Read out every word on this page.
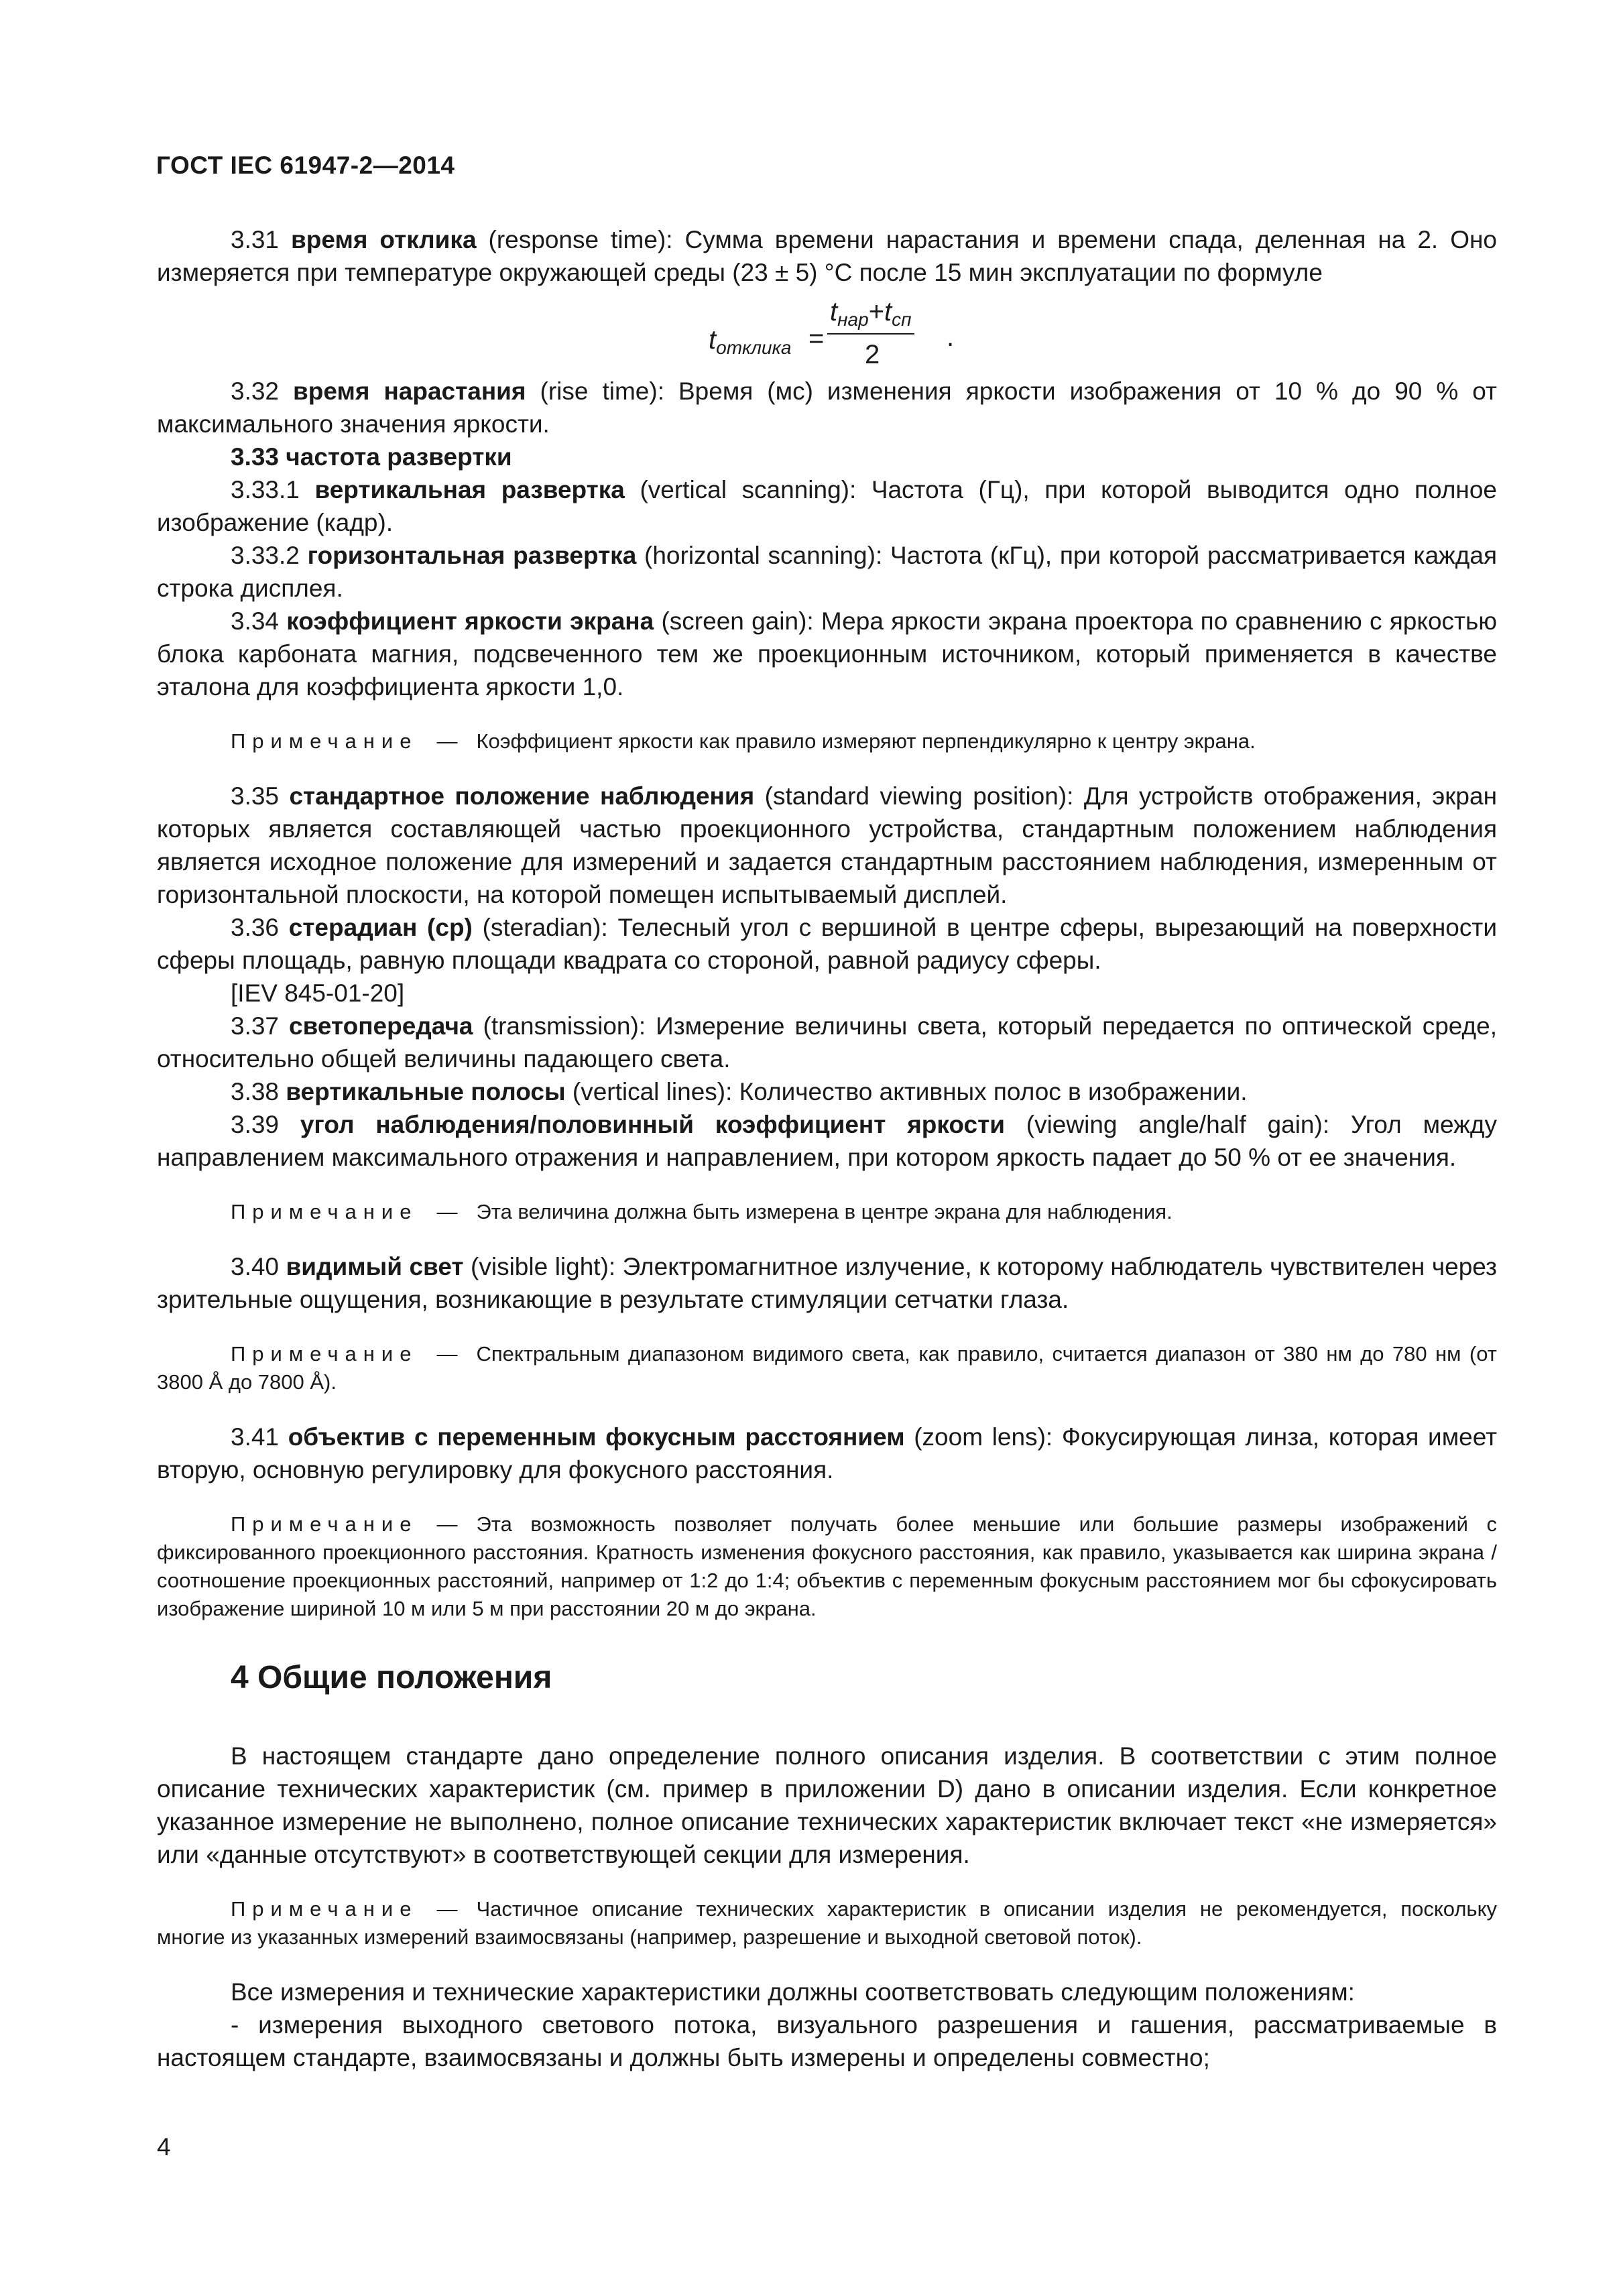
ГОСТ IEC 61947-2—2014

3.31 время отклика (response time): Сумма времени нарастания и времени спада, деленная на 2. Оно измеряется при температуре окружающей среды (23 ± 5) °С после 15 мин эксплуатации по формуле

$t_{отклика}$ =
$t_{нар}+t_{сп}$
2
.

3.32 время нарастания (rise time): Время (мс) изменения яркости изображения от 10 % до 90 % от максимального значения яркости.

3.33 частота развертки

3.33.1 вертикальная развертка (vertical scanning): Частота (Гц), при которой выводится одно полное изображение (кадр).

3.33.2 горизонтальная развертка (horizontal scanning): Частота (кГц), при которой рассматривается каждая строка дисплея.

3.34 коэффициент яркости экрана (screen gain): Мера яркости экрана проектора по сравнению с яркостью блока карбоната магния, подсвеченного тем же проекционным источником, который применяется в качестве эталона для коэффициента яркости 1,0.

Примечание — Коэффициент яркости как правило измеряют перпендикулярно к центру экрана.

3.35 стандартное положение наблюдения (standard viewing position): Для устройств отображения, экран которых является составляющей частью проекционного устройства, стандартным положением наблюдения является исходное положение для измерений и задается стандартным расстоянием наблюдения, измеренным от горизонтальной плоскости, на которой помещен испытываемый дисплей.

3.36 стерадиан (ср) (steradian): Телесный угол с вершиной в центре сферы, вырезающий на поверхности сферы площадь, равную площади квадрата со стороной, равной радиусу сферы.

[IEV 845-01-20]

3.37 светопередача (transmission): Измерение величины света, который передается по оптической среде, относительно общей величины падающего света.

3.38 вертикальные полосы (vertical lines): Количество активных полос в изображении.

3.39 угол наблюдения/половинный коэффициент яркости (viewing angle/half gain): Угол между направлением максимального отражения и направлением, при котором яркость падает до 50 % от ее значения.

Примечание — Эта величина должна быть измерена в центре экрана для наблюдения.

3.40 видимый свет (visible light): Электромагнитное излучение, к которому наблюдатель чувствителен через зрительные ощущения, возникающие в результате стимуляции сетчатки глаза.

Примечание — Спектральным диапазоном видимого света, как правило, считается диапазон от 380 нм до 780 нм (от 3800 Å до 7800 Å).

3.41 объектив с переменным фокусным расстоянием (zoom lens): Фокусирующая линза, которая имеет вторую, основную регулировку для фокусного расстояния.

Примечание — Эта возможность позволяет получать более меньшие или большие размеры изображений с фиксированного проекционного расстояния. Кратность изменения фокусного расстояния, как правило, указывается как ширина экрана / соотношение проекционных расстояний, например от 1:2 до 1:4; объектив с переменным фокусным расстоянием мог бы сфокусировать изображение шириной 10 м или 5 м при расстоянии 20 м до экрана.

4 Общие положения

В настоящем стандарте дано определение полного описания изделия. В соответствии с этим полное описание технических характеристик (см. пример в приложении D) дано в описании изделия. Если конкретное указанное измерение не выполнено, полное описание технических характеристик включает текст «не измеряется» или «данные отсутствуют» в соответствующей секции для измерения.

Примечание — Частичное описание технических характеристик в описании изделия не рекомендуется, поскольку многие из указанных измерений взаимосвязаны (например, разрешение и выходной световой поток).

Все измерения и технические характеристики должны соответствовать следующим положениям:

- измерения выходного светового потока, визуального разрешения и гашения, рассматриваемые в настоящем стандарте, взаимосвязаны и должны быть измерены и определены совместно;

4
